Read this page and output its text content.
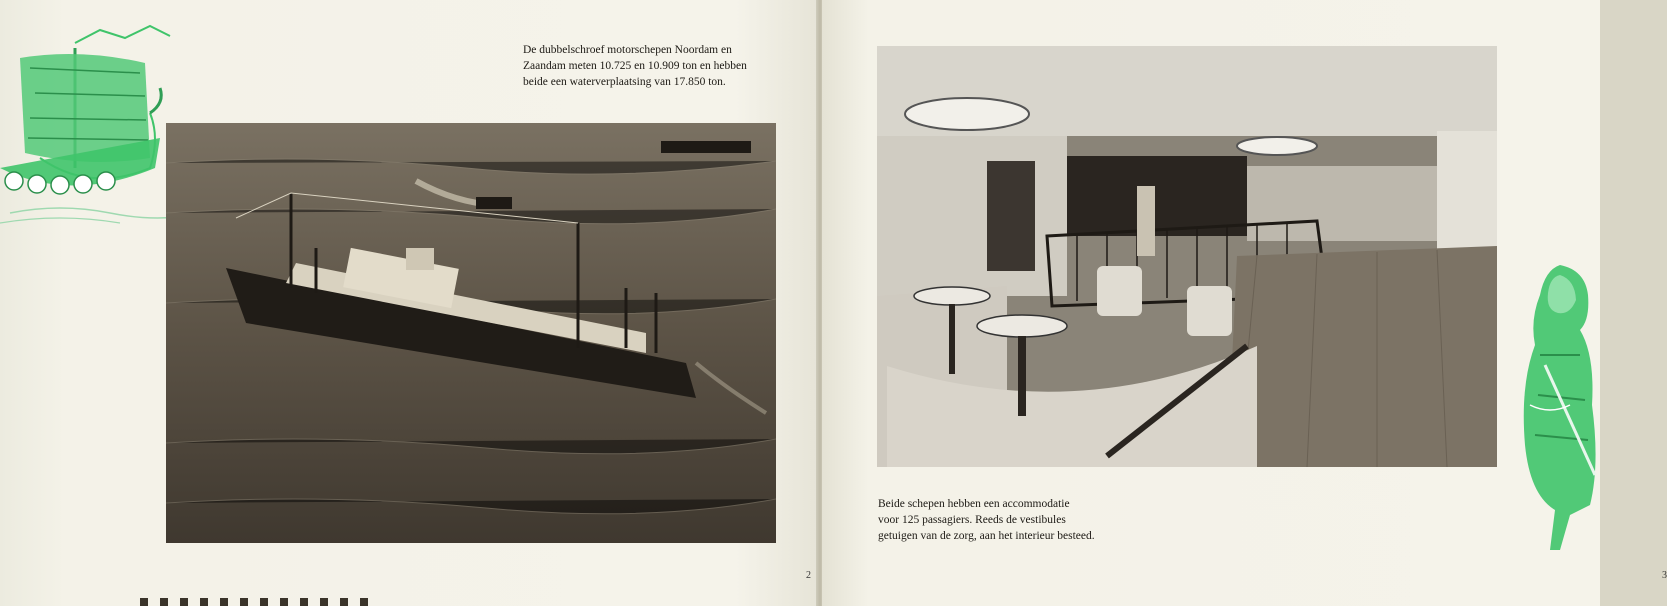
De dubbelschroef motorschepen Noordam en
Zaandam meten 10.725 en 10.909 ton en hebben
beide een waterverplaatsing van 17.850 ton.
2	3
Beide schepen hebben een accommodatie
voor 125 passagiers. Reeds de vestibules
getuigen van de zorg, aan het interieur besteed.
